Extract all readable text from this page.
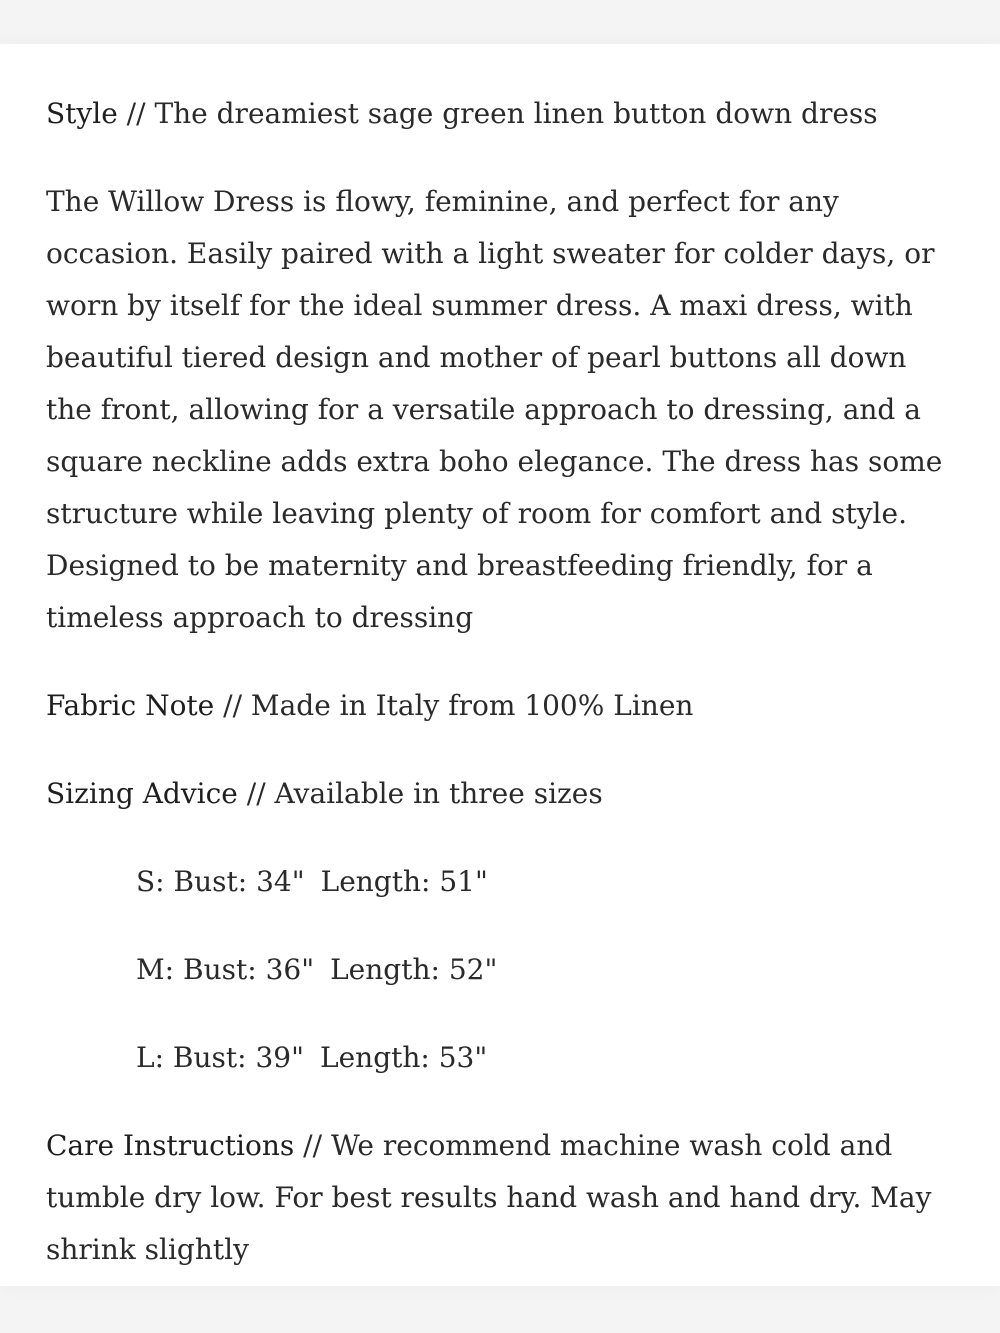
Style // The dreamiest sage green linen button down dress

The Willow Dress is flowy, feminine, and perfect for any occasion. Easily paired with a light sweater for colder days, or worn by itself for the ideal summer dress. A maxi dress, with beautiful tiered design and mother of pearl buttons all down the front, allowing for a versatile approach to dressing, and a square neckline adds extra boho elegance. The dress has some structure while leaving plenty of room for comfort and style. Designed to be maternity and breastfeeding friendly, for a timeless approach to dressing

Fabric Note // Made in Italy from 100% Linen

Sizing Advice // Available in three sizes

S: Bust: 34" Length: 51"
M: Bust: 36" Length: 52"
L: Bust: 39" Length: 53"

Care Instructions // We recommend machine wash cold and tumble dry low. For best results hand wash and hand dry. May shrink slightly
